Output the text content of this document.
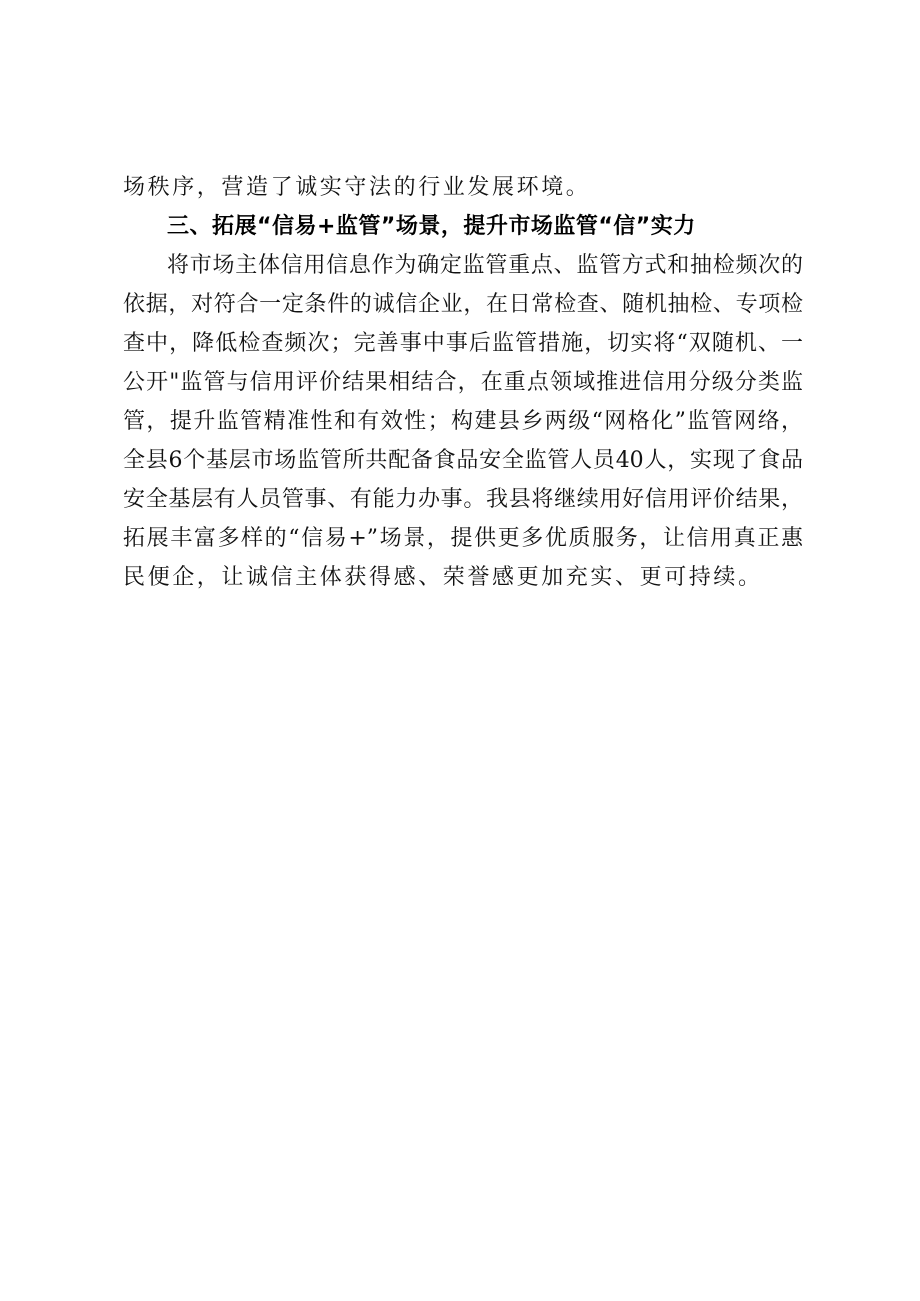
场秩序，营造了诚实守法的行业发展环境。
三、拓展“信易+监管”场景，提升市场监管“信”实力
将市场主体信用信息作为确定监管重点、监管方式和抽检频次的
依据，对符合一定条件的诚信企业，在日常检查、随机抽检、专项检
查中，降低检查频次；完善事中事后监管措施，切实将“双随机、一
公开"监管与信用评价结果相结合，在重点领域推进信用分级分类监
管，提升监管精准性和有效性；构建县乡两级“网格化”监管网络，
全县6个基层市场监管所共配备食品安全监管人员40人，实现了食品
安全基层有人员管事、有能力办事。我县将继续用好信用评价结果，
拓展丰富多样的“信易+”场景，提供更多优质服务，让信用真正惠
民便企，让诚信主体获得感、荣誉感更加充实、更可持续。
